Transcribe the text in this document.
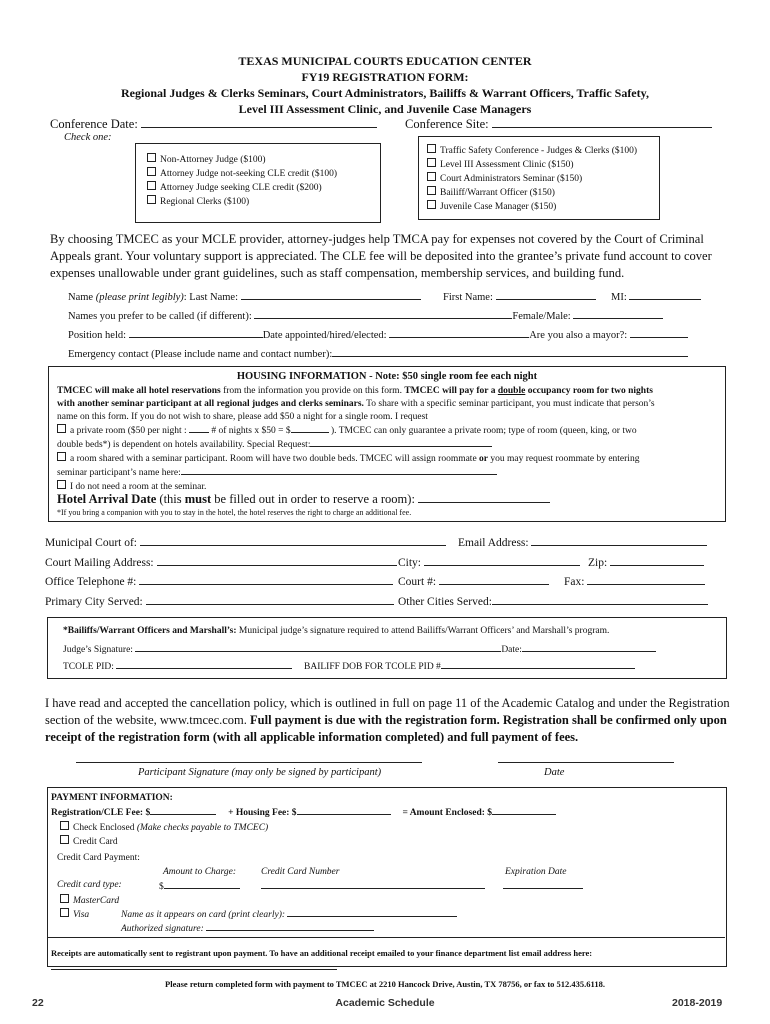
TEXAS MUNICIPAL COURTS EDUCATION CENTER
FY19 REGISTRATION FORM:
Regional Judges & Clerks Seminars, Court Administrators, Bailiffs & Warrant Officers, Traffic Safety,
Level III Assessment Clinic, and Juvenile Case Managers
Conference Date:	Conference Site:
Check one:
Non-Attorney Judge ($100)
Attorney Judge not-seeking CLE credit ($100)
Attorney Judge seeking CLE credit ($200)
Regional Clerks ($100)
Traffic Safety Conference - Judges & Clerks ($100)
Level III Assessment Clinic ($150)
Court Administrators Seminar ($150)
Bailiff/Warrant Officer ($150)
Juvenile Case Manager ($150)
By choosing TMCEC as your MCLE provider, attorney-judges help TMCA pay for expenses not covered by the Court of Criminal
Appeals grant. Your voluntary support is appreciated. The CLE fee will be deposited into the grantee’s private fund account to cover
expenses unallowable under grant guidelines, such as staff compensation, membership services, and building fund.
Name (please print legibly): Last Name:	First Name:	MI:
Names you prefer to be called (if different):	Female/Male:
Position held:	Date appointed/hired/elected:	Are you also a mayor?:
Emergency contact (Please include name and contact number):
HOUSING INFORMATION - Note: $50 single room fee each night
TMCEC will make all hotel reservations from the information you provide on this form. TMCEC will pay for a double occupancy room for two nights
with another seminar participant at all regional judges and clerks seminars. To share with a specific seminar participant, you must indicate that person’s
name on this form. If you do not wish to share, please add $50 a night for a single room. I request
a private room ($50 per night :	# of nights x $50 = $	). TMCEC can only guarantee a private room; type of room (queen, king, or two
double beds*) is dependent on hotels availability. Special Request:
a room shared with a seminar participant. Room will have two double beds. TMCEC will assign roommate or you may request roommate by entering
seminar participant’s name here:
I do not need a room at the seminar.
Hotel Arrival Date (this must be filled out in order to reserve a room):
*If you bring a companion with you to stay in the hotel, the hotel reserves the right to charge an additional fee.
Municipal Court of:	Email Address:
Court Mailing Address:	City:	Zip:
Office Telephone #:	Court #:	Fax:
Primary City Served:	Other Cities Served:
*Bailiffs/Warrant Officers and Marshall’s: Municipal judge’s signature required to attend Bailiffs/Warrant Officers’ and Marshall’s program.
Judge’s Signature:	Date:
TCOLE PID:	BAILIFF DOB FOR TCOLE PID #
I have read and accepted the cancellation policy, which is outlined in full on page 11 of the Academic Catalog and under the Registration
section of the website, www.tmcec.com. Full payment is due with the registration form. Registration shall be confirmed only upon
receipt of the registration form (with all applicable information completed) and full payment of fees.
Participant Signature (may only be signed by participant)	Date
PAYMENT INFORMATION:
Registration/CLE Fee: $	+ Housing Fee: $	= Amount Enclosed: $
Check Enclosed (Make checks payable to TMCEC)
Credit Card
Credit Card Payment:
Amount to Charge:	Credit Card Number	Expiration Date
Credit card type:	$
MasterCard
Visa	Name as it appears on card (print clearly):
Authorized signature:
Receipts are automatically sent to registrant upon payment. To have an additional receipt emailed to your finance department list email address here:
Please return completed form with payment to TMCEC at 2210 Hancock Drive, Austin, TX 78756, or fax to 512.435.6118.
22	Academic Schedule	2018-2019
